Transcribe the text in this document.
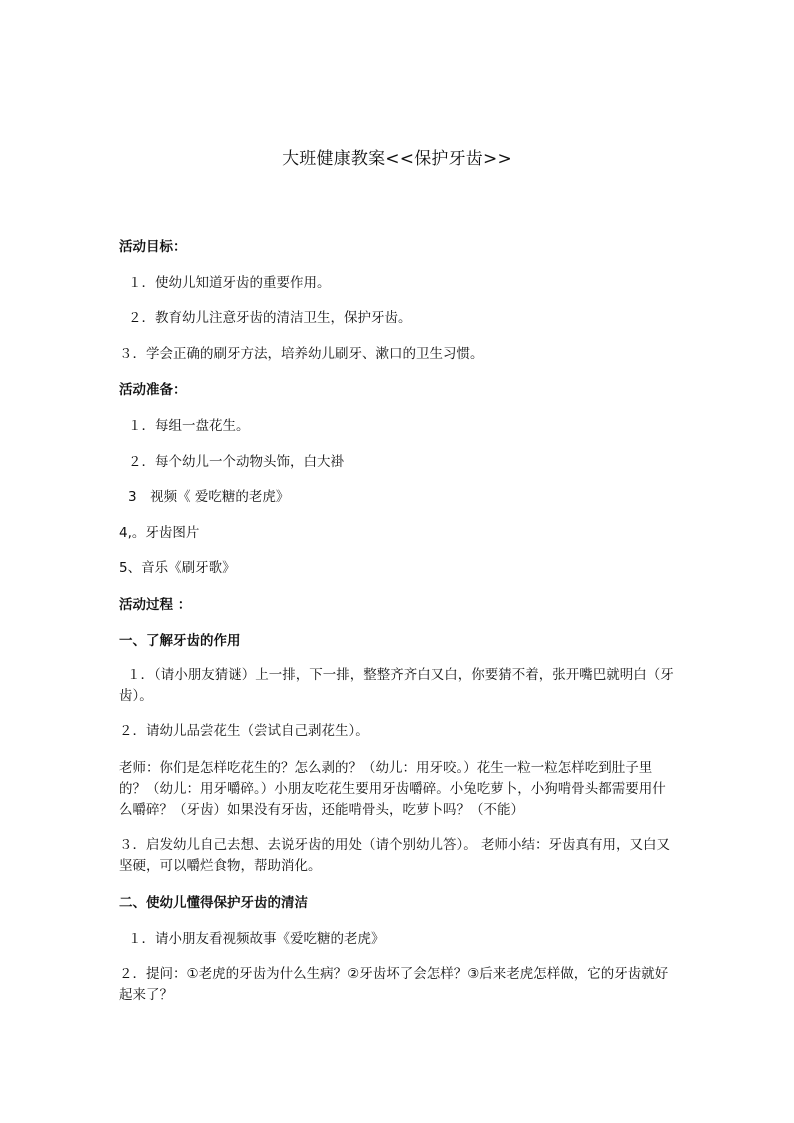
大班健康教案<<保护牙齿>>
活动目标：
１．使幼儿知道牙齿的重要作用。
２．教育幼儿注意牙齿的清洁卫生，保护牙齿。
３．学会正确的刷牙方法，培养幼儿刷牙、漱口的卫生习惯。
活动准备：
１．每组一盘花生。
２．每个幼儿一个动物头饰，白大褂
3　视频《 爱吃糖的老虎》
4,。牙齿图片
5、音乐《刷牙歌》
活动过程 ：
一、了解牙齿的作用
１．（请小朋友猜谜）上一排，下一排，整整齐齐白又白，你要猜不着，张开嘴巴就明白（牙齿）。
２．请幼儿品尝花生（尝试自己剥花生）。
老师：你们是怎样吃花生的？怎么剥的？（幼儿：用牙咬。）花生一粒一粒怎样吃到肚子里的？（幼儿：用牙嚼碎。）小朋友吃花生要用牙齿嚼碎。小兔吃萝卜，小狗啃骨头都需要用什么嚼碎？（牙齿）如果没有牙齿，还能啃骨头，吃萝卜吗？（不能）
３．启发幼儿自己去想、去说牙齿的用处（请个别幼儿答）。 老师小结：牙齿真有用，又白又坚硬，可以嚼烂食物，帮助消化。
二、使幼儿懂得保护牙齿的清洁
１．请小朋友看视频故事《爱吃糖的老虎》
２．提问：①老虎的牙齿为什么生病？②牙齿坏了会怎样？③后来老虎怎样做，它的牙齿就好起来了？
